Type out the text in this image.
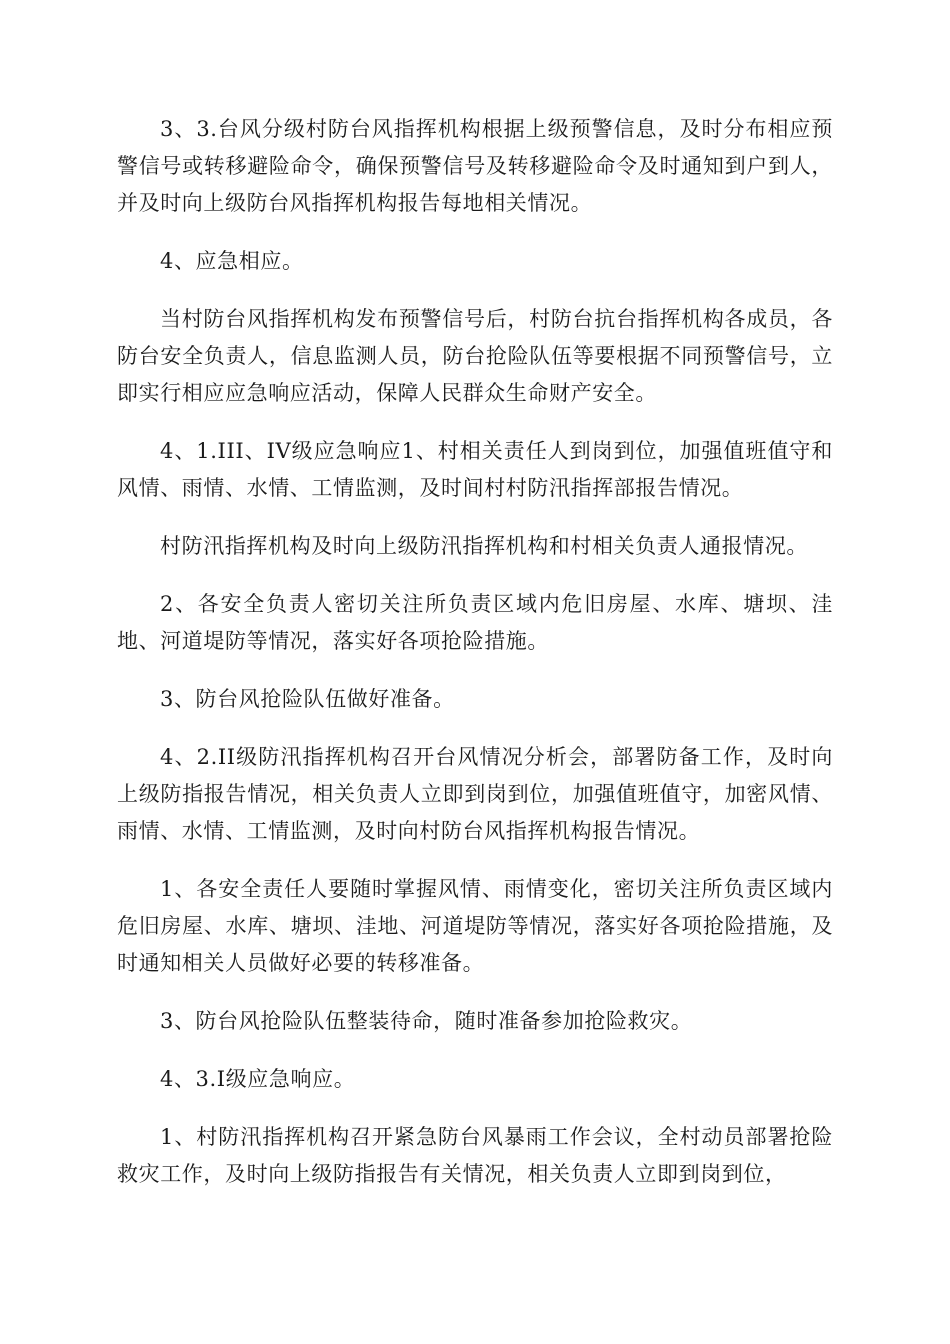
3、3.台风分级村防台风指挥机构根据上级预警信息，及时分布相应预警信号或转移避险命令，确保预警信号及转移避险命令及时通知到户到人，并及时向上级防台风指挥机构报告每地相关情况。

4、应急相应。

当村防台风指挥机构发布预警信号后，村防台抗台指挥机构各成员，各防台安全负责人，信息监测人员，防台抢险队伍等要根据不同预警信号，立即实行相应应急响应活动，保障人民群众生命财产安全。

4、1.III、IV级应急响应1、村相关责任人到岗到位，加强值班值守和风情、雨情、水情、工情监测，及时间村村防汛指挥部报告情况。

村防汛指挥机构及时向上级防汛指挥机构和村相关负责人通报情况。

2、各安全负责人密切关注所负责区域内危旧房屋、水库、塘坝、洼地、河道堤防等情况，落实好各项抢险措施。

3、防台风抢险队伍做好准备。

4、2.II级防汛指挥机构召开台风情况分析会，部署防备工作，及时向上级防指报告情况，相关负责人立即到岗到位，加强值班值守，加密风情、雨情、水情、工情监测，及时向村防台风指挥机构报告情况。

1、各安全责任人要随时掌握风情、雨情变化，密切关注所负责区域内危旧房屋、水库、塘坝、洼地、河道堤防等情况，落实好各项抢险措施，及时通知相关人员做好必要的转移准备。

3、防台风抢险队伍整装待命，随时准备参加抢险救灾。

4、3.I级应急响应。

1、村防汛指挥机构召开紧急防台风暴雨工作会议，全村动员部署抢险救灾工作，及时向上级防指报告有关情况，相关负责人立即到岗到位，
